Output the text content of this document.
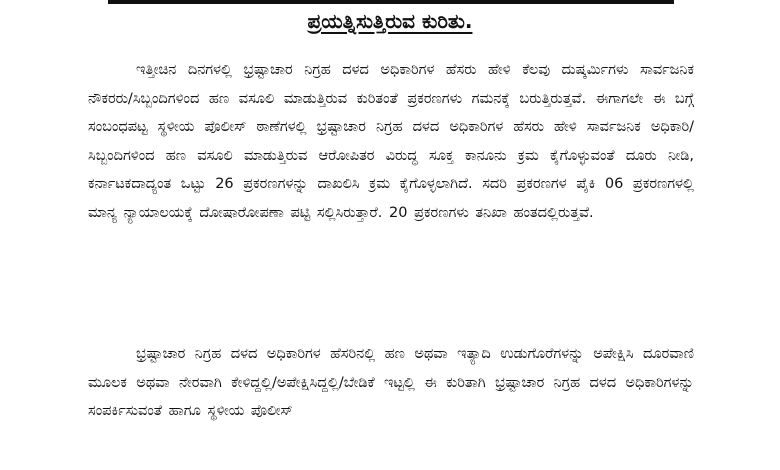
ಪ್ರಯತ್ನಿಸುತ್ತಿರುವ ಕುರಿತು.

ಇತ್ತೀಚಿನ ದಿನಗಳಲ್ಲಿ ಭ್ರಷ್ಟಾಚಾರ ನಿಗ್ರಹ ದಳದ ಅಧಿಕಾರಿಗಳ ಹೆಸರು ಹೇಳಿ ಕೆಲವು ದುಷ್ಕರ್ಮಿಗಳು ಸಾರ್ವಜನಿಕ ನೌಕರರು/ಸಿಬ್ಬಂದಿಗಳಿಂದ ಹಣ ವಸೂಲಿ ಮಾಡುತ್ತಿರುವ ಕುರಿತಂತೆ ಪ್ರಕರಣಗಳು ಗಮನಕ್ಕೆ ಬರುತ್ತಿರುತ್ತವೆ. ಈಗಾಗಲೇ ಈ ಬಗ್ಗೆ ಸಂಬಂಧಪಟ್ಟ ಸ್ಥಳೀಯ ಪೊಲೀಸ್ ಠಾಣೆಗಳಲ್ಲಿ ಭ್ರಷ್ಟಾಚಾರ ನಿಗ್ರಹ ದಳದ ಅಧಿಕಾರಿಗಳ ಹೆಸರು ಹೇಳಿ ಸಾರ್ವಜನಿಕ ಅಧಿಕಾರಿ/ಸಿಬ್ಬಂದಿಗಳಿಂದ ಹಣ ವಸೂಲಿ ಮಾಡುತ್ತಿರುವ ಆರೋಪಿತರ ವಿರುದ್ಧ ಸೂಕ್ತ ಕಾನೂನು ಕ್ರಮ ಕೈಗೊಳ್ಳುವಂತೆ ದೂರು ನೀಡಿ, ಕರ್ನಾಟಕದಾದ್ಯಂತ ಒಟ್ಟು 26 ಪ್ರಕರಣಗಳನ್ನು ದಾಖಲಿಸಿ ಕ್ರಮ ಕೈಗೊಳ್ಳಲಾಗಿದೆ. ಸದರಿ ಪ್ರಕರಣಗಳ ಪೈಕಿ 06 ಪ್ರಕರಣಗಳಲ್ಲಿ ಮಾನ್ಯ ನ್ಯಾಯಾಲಯಕ್ಕೆ ದೋಷಾರೋಪಣಾ ಪಟ್ಟಿ ಸಲ್ಲಿಸಿರುತ್ತಾರೆ. 20 ಪ್ರಕರಣಗಳು ತನಿಖಾ ಹಂತದಲ್ಲಿರುತ್ತವೆ.

ಭ್ರಷ್ಟಾಚಾರ ನಿಗ್ರಹ ದಳದ ಅಧಿಕಾರಿಗಳ ಹೆಸರಿನಲ್ಲಿ ಹಣ ಅಥವಾ ಇತ್ಯಾದಿ ಉಡುಗೊರೆಗಳನ್ನು ಅಪೇಕ್ಷಿಸಿ ದೂರವಾಣಿ ಮೂಲಕ ಅಥವಾ ನೇರವಾಗಿ ಕೇಳಿದ್ದಲ್ಲಿ/ಅಪೇಕ್ಷಿಸಿದ್ದಲ್ಲಿ/ಬೇಡಿಕೆ ಇಟ್ಟಲ್ಲಿ ಈ ಕುರಿತಾಗಿ ಭ್ರಷ್ಟಾಚಾರ ನಿಗ್ರಹ ದಳದ ಅಧಿಕಾರಿಗಳನ್ನು ಸಂಪರ್ಕಿಸುವಂತೆ ಹಾಗೂ ಸ್ಥಳೀಯ ಪೊಲೀಸ್
